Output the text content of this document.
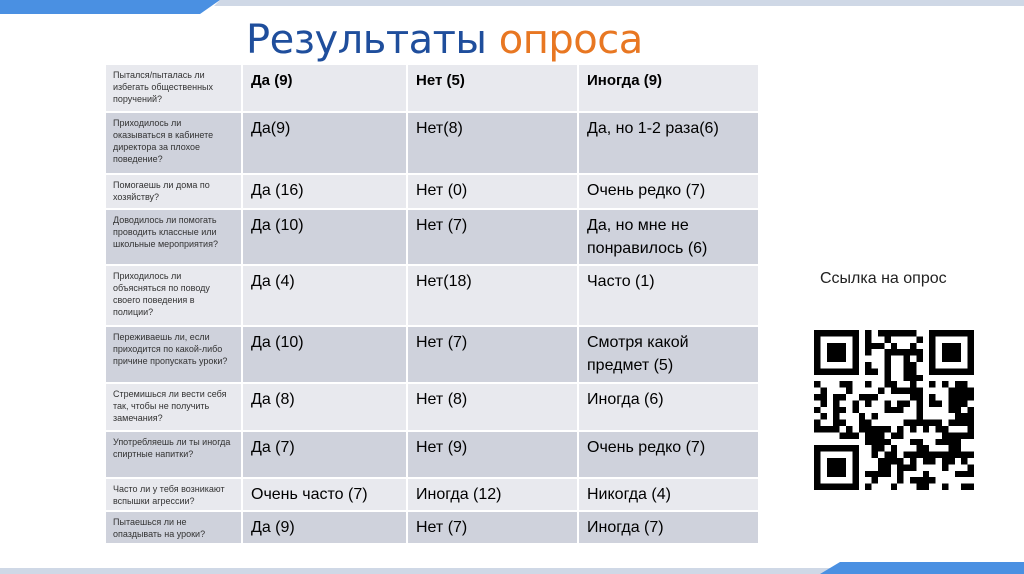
Результаты опроса
Пытался/пыталась ли избегать общественных поручений?	Да (9)	Нет (5)	Иногда (9)
Приходилось ли оказываться в кабинете директора за плохое поведение?	Да(9)	Нет(8)	Да, но 1-2 раза(6)
Помогаешь ли дома по хозяйству?	Да (16)	Нет (0)	Очень редко (7)
Доводилось ли помогать проводить классные или школьные мероприятия?	Да (10)	Нет (7)	Да, но мне не понравилось (6)
Приходилось ли объясняться по поводу своего поведения в полиции?	Да (4)	Нет(18)	Часто (1)
Переживаешь ли, если приходится по какой-либо причине пропускать уроки?	Да (10)	Нет (7)	Смотря какой предмет (5)
Стремишься ли вести себя так, чтобы не получить замечания?	Да (8)	Нет (8)	Иногда (6)
Употребляешь ли ты иногда спиртные напитки?	Да (7)	Нет (9)	Очень редко (7)
Часто ли у тебя возникают вспышки агрессии?	Очень часто (7)	Иногда (12)	Никогда (4)
Пытаешься ли не опаздывать на уроки?	Да (9)	Нет (7)	Иногда (7)
Ссылка на опрос
